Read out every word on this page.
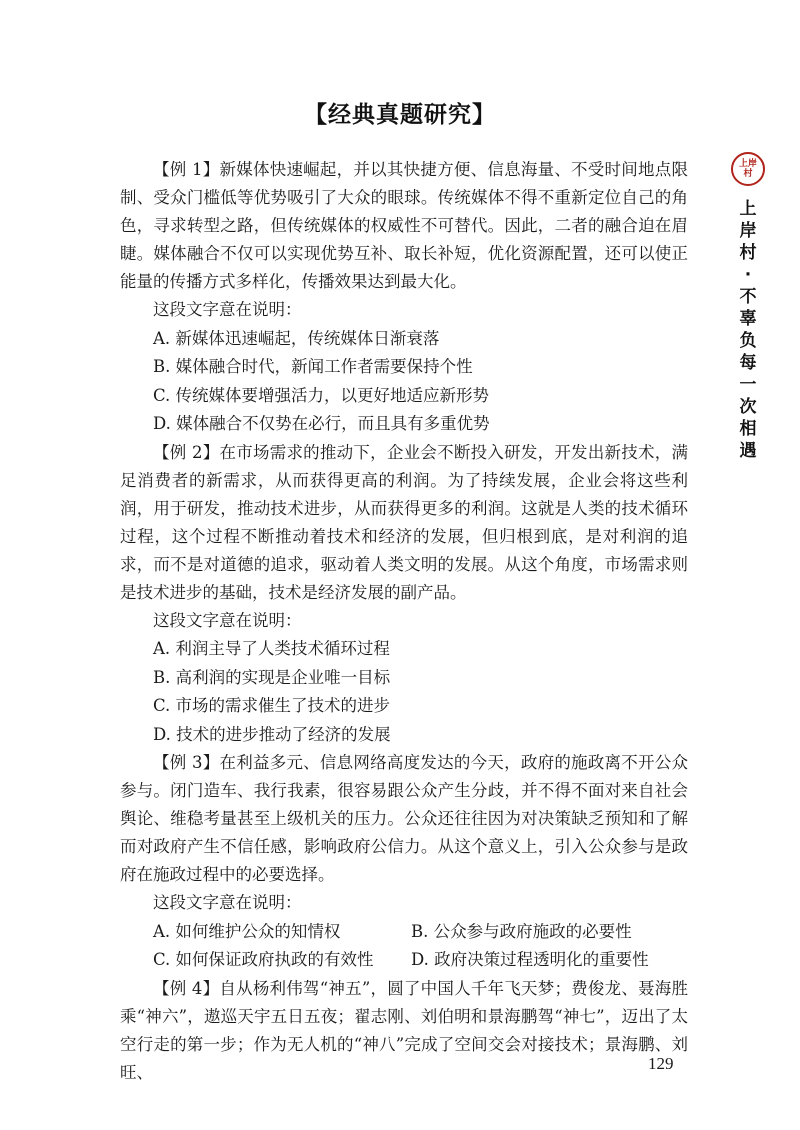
【经典真题研究】
上岸村
上岸村·不辜负每一次相遇

【例 1】新媒体快速崛起，并以其快捷方便、信息海量、不受时间地点限制、受众门槛低等优势吸引了大众的眼球。传统媒体不得不重新定位自己的角色，寻求转型之路，但传统媒体的权威性不可替代。因此，二者的融合迫在眉睫。媒体融合不仅可以实现优势互补、取长补短，优化资源配置，还可以使正能量的传播方式多样化，传播效果达到最大化。

这段文字意在说明：

A. 新媒体迅速崛起，传统媒体日渐衰落

B. 媒体融合时代，新闻工作者需要保持个性

C. 传统媒体要增强活力，以更好地适应新形势

D. 媒体融合不仅势在必行，而且具有多重优势

【例 2】在市场需求的推动下，企业会不断投入研发，开发出新技术，满足消费者的新需求，从而获得更高的利润。为了持续发展，企业会将这些利润，用于研发，推动技术进步，从而获得更多的利润。这就是人类的技术循环过程，这个过程不断推动着技术和经济的发展，但归根到底，是对利润的追求，而不是对道德的追求，驱动着人类文明的发展。从这个角度，市场需求则是技术进步的基础，技术是经济发展的副产品。

这段文字意在说明：

A. 利润主导了人类技术循环过程

B. 高利润的实现是企业唯一目标

C. 市场的需求催生了技术的进步

D. 技术的进步推动了经济的发展

【例 3】在利益多元、信息网络高度发达的今天，政府的施政离不开公众参与。闭门造车、我行我素，很容易跟公众产生分歧，并不得不面对来自社会舆论、维稳考量甚至上级机关的压力。公众还往往因为对决策缺乏预知和了解而对政府产生不信任感，影响政府公信力。从这个意义上，引入公众参与是政府在施政过程中的必要选择。

这段文字意在说明：

A. 如何维护公众的知情权	B. 公众参与政府施政的必要性
C. 如何保证政府执政的有效性	D. 政府决策过程透明化的重要性

【例 4】自从杨利伟驾“神五”，圆了中国人千年飞天梦；费俊龙、聂海胜乘“神六”，遨巡天宇五日五夜；翟志刚、刘伯明和景海鹏驾“神七”，迈出了太空行走的第一步；作为无人机的“神八”完成了空间交会对接技术；景海鹏、刘旺、	129
